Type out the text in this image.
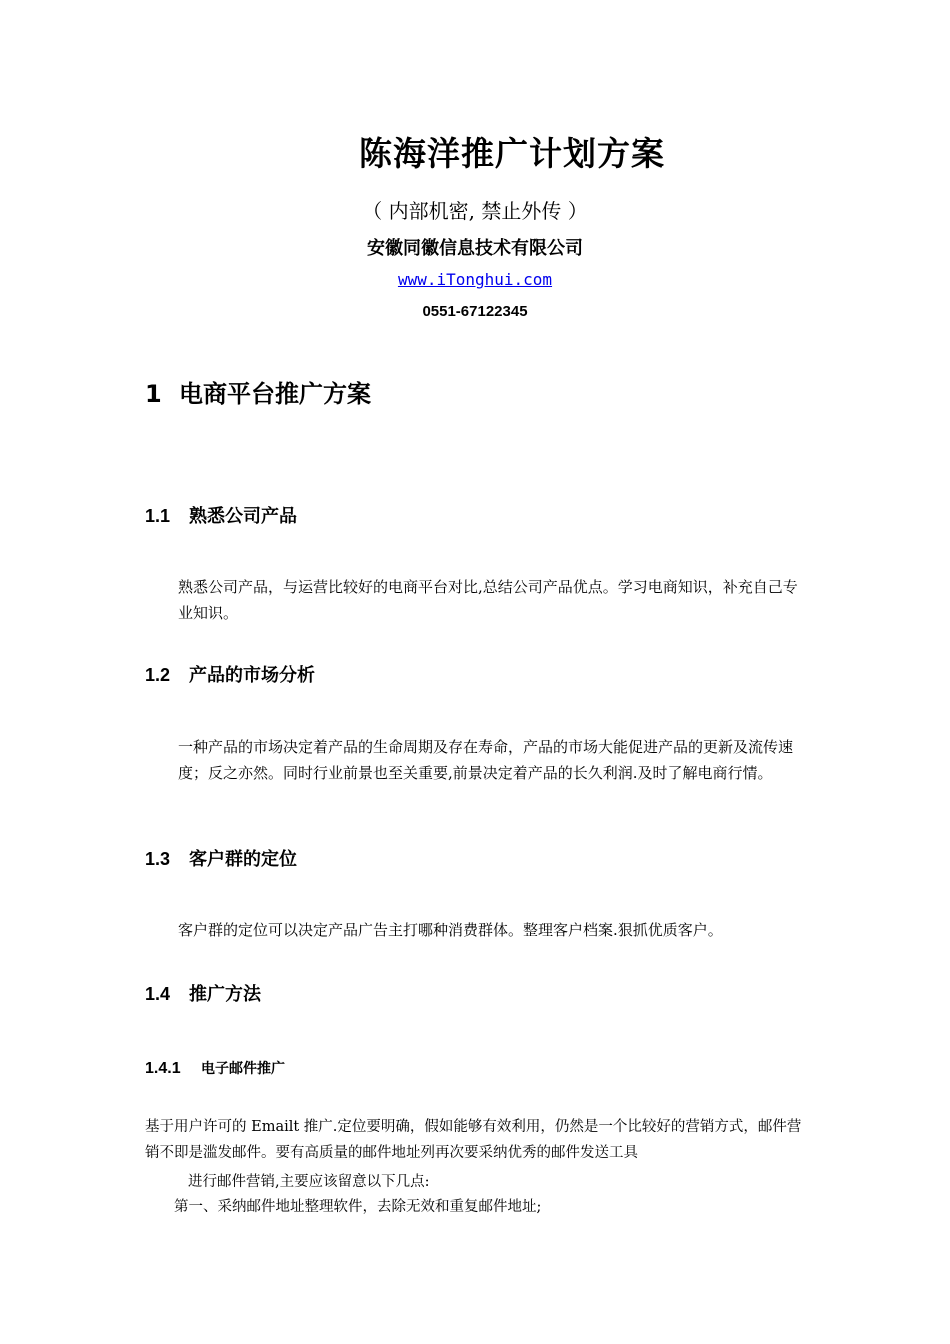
陈海洋推广计划方案
（ 内部机密, 禁止外传 ）
安徽同徽信息技术有限公司
www.iTonghui.com
0551-67122345
1 电商平台推广方案
1.1 熟悉公司产品
熟悉公司产品，与运营比较好的电商平台对比,总结公司产品优点。学习电商知识，补充自己专业知识。
1.2 产品的市场分析
一种产品的市场决定着产品的生命周期及存在寿命，产品的市场大能促进产品的更新及流传速度；反之亦然。同时行业前景也至关重要,前景决定着产品的长久利润.及时了解电商行情。
1.3 客户群的定位
客户群的定位可以决定产品广告主打哪种消费群体。整理客户档案.狠抓优质客户。
1.4 推广方法
1.4.1 电子邮件推广
基于用户许可的 Emailt 推广.定位要明确，假如能够有效利用，仍然是一个比较好的营销方式，邮件营销不即是滥发邮件。要有高质量的邮件地址列再次要采纳优秀的邮件发送工具
进行邮件营销,主要应该留意以下几点:
第一、采纳邮件地址整理软件，去除无效和重复邮件地址;
